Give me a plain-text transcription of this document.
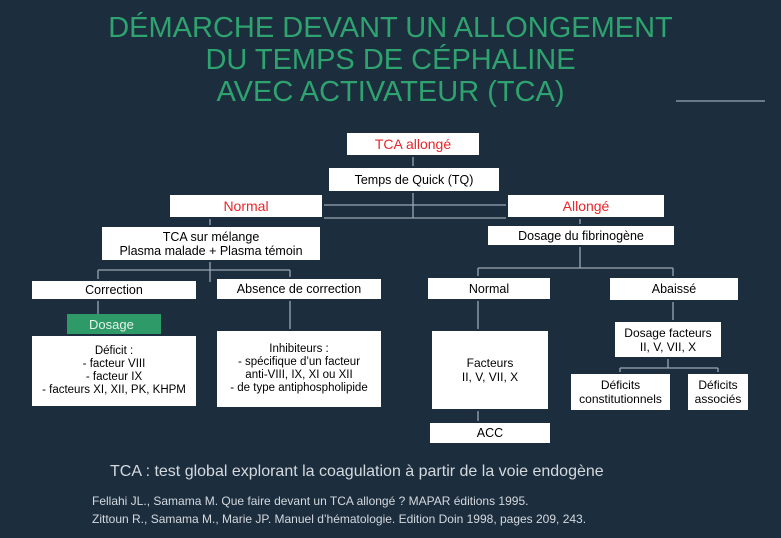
DÉMARCHE DEVANT UN ALLONGEMENT
DU TEMPS DE CÉPHALINE
AVEC ACTIVATEUR (TCA)
TCA allongé
Temps de Quick (TQ)
Normal	Allongé
TCA sur mélange
Plasma malade + Plasma témoin
Dosage du fibrinogène
Correction	Absence de correction	Normal	Abaissé
Dosage
Déficit :
- facteur VIII
- facteur IX
- facteurs XI, XII, PK, KHPM
Inhibiteurs :
- spécifique d’un facteur
anti-VIII, IX, XI ou XII
- de type antiphospholipide
Facteurs
II, V, VII, X
Dosage facteurs
II, V, VII, X
Déficits
constitutionnels
Déficits
associés
ACC
TCA : test global explorant la coagulation à partir de la voie endogène
Fellahi JL., Samama M. Que faire devant un TCA allongé ? MAPAR éditions 1995.
Zittoun R., Samama M., Marie JP. Manuel d’hématologie. Edition Doin 1998, pages 209, 243.
